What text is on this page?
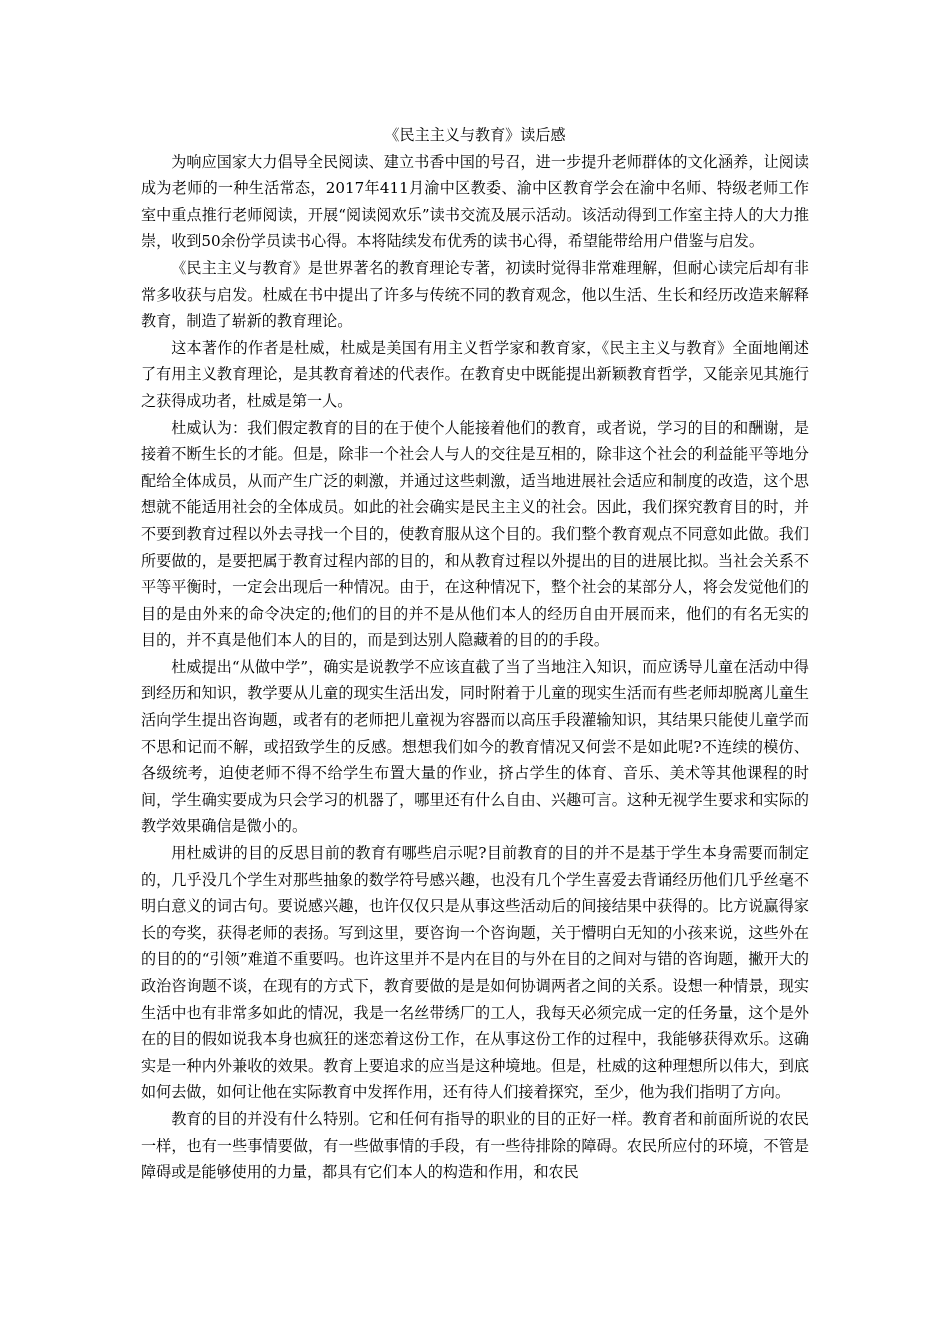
《民主主义与教育》读后感

为响应国家大力倡导全民阅读、建立书香中国的号召，进一步提升老师群体的文化涵养，让阅读成为老师的一种生活常态，2017年411月渝中区教委、渝中区教育学会在渝中名师、特级老师工作室中重点推行老师阅读，开展“阅读阅欢乐”读书交流及展示活动。该活动得到工作室主持人的大力推崇，收到50余份学员读书心得。本将陆续发布优秀的读书心得，希望能带给用户借鉴与启发。

《民主主义与教育》是世界著名的教育理论专著，初读时觉得非常难理解，但耐心读完后却有非常多收获与启发。杜威在书中提出了许多与传统不同的教育观念，他以生活、生长和经历改造来解释教育，制造了崭新的教育理论。

这本著作的作者是杜威，杜威是美国有用主义哲学家和教育家，《民主主义与教育》全面地阐述了有用主义教育理论，是其教育着述的代表作。在教育史中既能提出新颖教育哲学，又能亲见其施行之获得成功者，杜威是第一人。

杜威认为：我们假定教育的目的在于使个人能接着他们的教育，或者说，学习的目的和酬谢，是接着不断生长的才能。但是，除非一个社会人与人的交往是互相的，除非这个社会的利益能平等地分配给全体成员，从而产生广泛的刺激，并通过这些刺激，适当地进展社会适应和制度的改造，这个思想就不能适用社会的全体成员。如此的社会确实是民主主义的社会。因此，我们探究教育目的时，并不要到教育过程以外去寻找一个目的，使教育服从这个目的。我们整个教育观点不同意如此做。我们所要做的，是要把属于教育过程内部的目的，和从教育过程以外提出的目的进展比拟。当社会关系不平等平衡时，一定会出现后一种情况。由于，在这种情况下，整个社会的某部分人，将会发觉他们的目的是由外来的命令决定的;他们的目的并不是从他们本人的经历自由开展而来，他们的有名无实的目的，并不真是他们本人的目的，而是到达别人隐藏着的目的的手段。

杜威提出“从做中学”，确实是说教学不应该直截了当了当地注入知识，而应诱导儿童在活动中得到经历和知识，教学要从儿童的现实生活出发，同时附着于儿童的现实生活而有些老师却脱离儿童生活向学生提出咨询题，或者有的老师把儿童视为容器而以高压手段灌输知识，其结果只能使儿童学而不思和记而不解，或招致学生的反感。想想我们如今的教育情况又何尝不是如此呢?不连续的模仿、各级统考，迫使老师不得不给学生布置大量的作业，挤占学生的体育、音乐、美术等其他课程的时间，学生确实要成为只会学习的机器了，哪里还有什么自由、兴趣可言。这种无视学生要求和实际的教学效果确信是微小的。

用杜威讲的目的反思目前的教育有哪些启示呢?目前教育的目的并不是基于学生本身需要而制定的，几乎没几个学生对那些抽象的数学符号感兴趣，也没有几个学生喜爱去背诵经历他们几乎丝毫不明白意义的词古句。要说感兴趣，也许仅仅只是从事这些活动后的间接结果中获得的。比方说赢得家长的夸奖，获得老师的表扬。写到这里，要咨询一个咨询题，关于懵明白无知的小孩来说，这些外在的目的的“引领”难道不重要吗。也许这里并不是内在目的与外在目的之间对与错的咨询题，撇开大的政治咨询题不谈，在现有的方式下，教育要做的是是如何协调两者之间的关系。设想一种情景，现实生活中也有非常多如此的情况，我是一名丝带绣厂的工人，我每天必须完成一定的任务量，这个是外在的目的假如说我本身也疯狂的迷恋着这份工作，在从事这份工作的过程中，我能够获得欢乐。这确实是一种内外兼收的效果。教育上要追求的应当是这种境地。但是，杜威的这种理想所以伟大，到底如何去做，如何让他在实际教育中发挥作用，还有待人们接着探究，至少，他为我们指明了方向。

教育的目的并没有什么特别。它和任何有指导的职业的目的正好一样。教育者和前面所说的农民一样，也有一些事情要做，有一些做事情的手段，有一些待排除的障碍。农民所应付的环境，不管是障碍或是能够使用的力量，都具有它们本人的构造和作用，和农民
